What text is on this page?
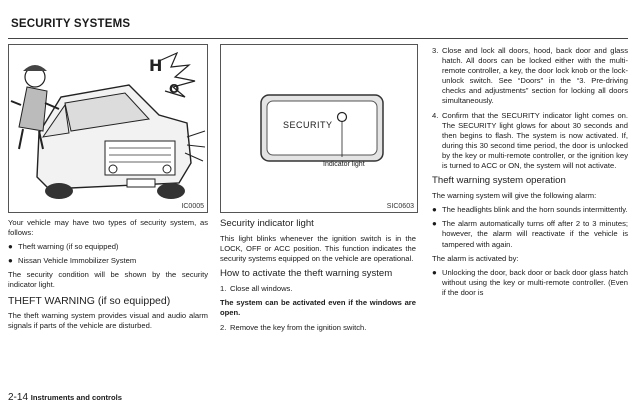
SECURITY SYSTEMS
H
O
IC0005
SECURITY
Indicator light
SIC0603

Your vehicle may have two types of security system, as follows:

● Theft warning (if so equipped)
● Nissan Vehicle Immobilizer System

The security condition will be shown by the security indicator light.

THEFT WARNING (if so equipped)

The theft warning system provides visual and audio alarm signals if parts of the vehicle are disturbed.

Security indicator light

This light blinks whenever the ignition switch is in the LOCK, OFF or ACC position. This function indicates the security systems equipped on the vehicle are operational.

How to activate the theft warning system
1. Close all windows.

The system can be activated even if the windows are open.

2. Remove the key from the ignition switch.
3. Close and lock all doors, hood, back door and glass hatch. All doors can be locked either with the multi-remote controller, a key, the door lock knob or the lock-unlock switch. See “Doors” in the “3. Pre-driving checks and adjustments” section for locking all doors simultaneously.
4. Confirm that the SECURITY indicator light comes on. The SECURITY light glows for about 30 seconds and then begins to flash. The system is now activated. If, during this 30 second time period, the door is unlocked by the key or multi-remote controller, or the ignition key is turned to ACC or ON, the system will not activate.
Theft warning system operation

The warning system will give the following alarm:

● The headlights blink and the horn sounds intermittently.
● The alarm automatically turns off after 2 to 3 minutes; however, the alarm will reactivate if the vehicle is tampered with again.

The alarm is activated by:

● Unlocking the door, back door or back door glass hatch without using the key or multi-remote controller. (Even if the door is
2-14 Instruments and controls
